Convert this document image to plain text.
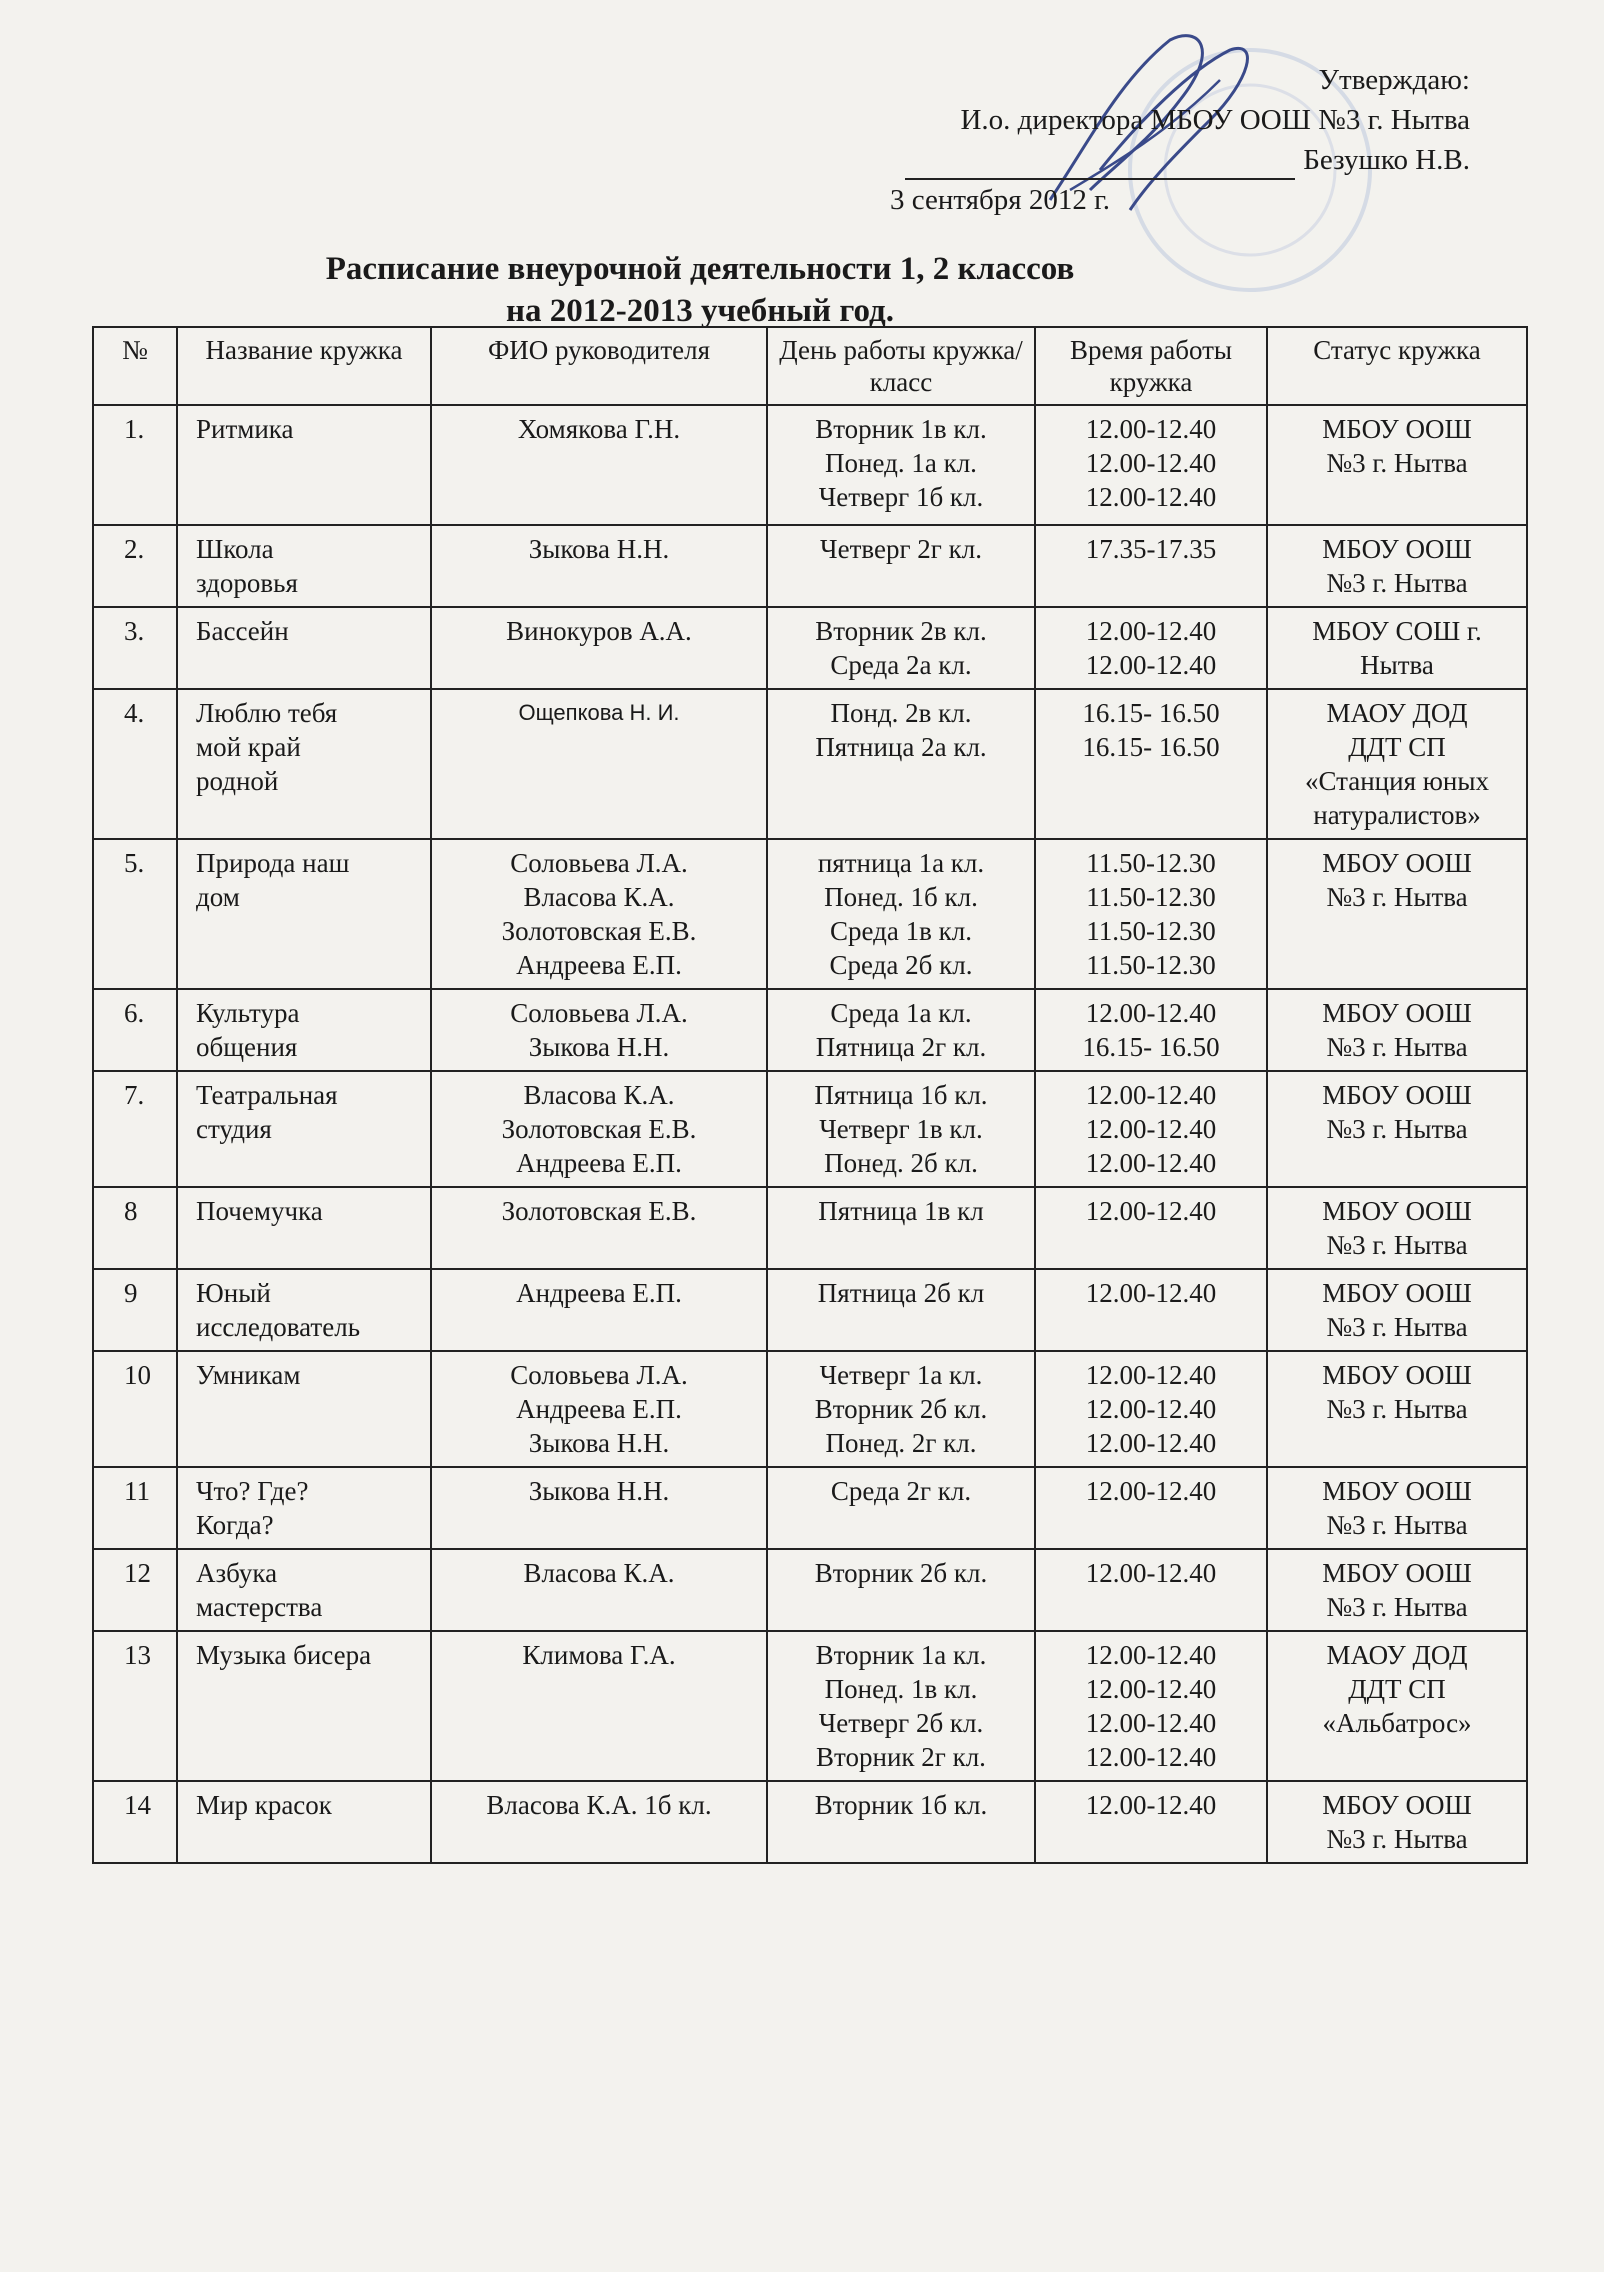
Утверждаю:
И.о. директора МБОУ ООШ №3 г. Нытва
Безушко Н.В.
3 сентября 2012 г.
Расписание внеурочной деятельности 1, 2 классов
на 2012-2013 учебный год.
№	Название кружка	ФИО руководителя	День работы кружка/класс	Время работы кружка	Статус кружка
1.	Ритмика	Хомякова Г.Н.	Вторник 1в кл.
Понед. 1а кл.
Четверг 1б кл.	12.00-12.40
12.00-12.40
12.00-12.40	МБОУ ООШ
№3 г. Нытва
2.	Школа
здоровья	Зыкова Н.Н.	Четверг 2г кл.	17.35-17.35	МБОУ ООШ
№3 г. Нытва
3.	Бассейн	Винокуров А.А.	Вторник 2в кл.
Среда 2а кл.	12.00-12.40
12.00-12.40	МБОУ СОШ г.
Нытва
4.	Люблю тебя
мой край
родной	Ощепкова Н. И.	Понд. 2в кл.
Пятница 2а кл.	16.15- 16.50
16.15- 16.50	МАОУ ДОД
ДДТ СП
«Станция юных
натуралистов»
5.	Природа наш
дом	Соловьева Л.А.
Власова К.А.
Золотовская Е.В.
Андреева Е.П.	пятница 1а кл.
Понед. 1б кл.
Среда 1в кл.
Среда 2б кл.	11.50-12.30
11.50-12.30
11.50-12.30
11.50-12.30	МБОУ ООШ
№3 г. Нытва
6.	Культура
общения	Соловьева Л.А.
Зыкова Н.Н.	Среда 1а кл.
Пятница 2г кл.	12.00-12.40
16.15- 16.50	МБОУ ООШ
№3 г. Нытва
7.	Театральная
студия	Власова К.А.
Золотовская Е.В.
Андреева Е.П.	Пятница 1б кл.
Четверг 1в кл.
Понед. 2б кл.	12.00-12.40
12.00-12.40
12.00-12.40	МБОУ ООШ
№3 г. Нытва
8	Почемучка	Золотовская Е.В.	Пятница 1в кл	12.00-12.40	МБОУ ООШ
№3 г. Нытва
9	Юный
исследователь	Андреева Е.П.	Пятница 2б кл	12.00-12.40	МБОУ ООШ
№3 г. Нытва
10	Умникам	Соловьева Л.А.
Андреева Е.П.
Зыкова Н.Н.	Четверг 1а кл.
Вторник 2б кл.
Понед. 2г кл.	12.00-12.40
12.00-12.40
12.00-12.40	МБОУ ООШ
№3 г. Нытва
11	Что? Где?
Когда?	Зыкова Н.Н.	Среда 2г кл.	12.00-12.40	МБОУ ООШ
№3 г. Нытва
12	Азбука
мастерства	Власова К.А.	Вторник 2б кл.	12.00-12.40	МБОУ ООШ
№3 г. Нытва
13	Музыка бисера	Климова Г.А.	Вторник 1а кл.
Понед. 1в кл.
Четверг 2б кл.
Вторник 2г кл.	12.00-12.40
12.00-12.40
12.00-12.40
12.00-12.40	МАОУ ДОД
ДДТ СП
«Альбатрос»
14	Мир красок	Власова К.А. 1б кл.	Вторник 1б кл.	12.00-12.40	МБОУ ООШ
№3 г. Нытва
